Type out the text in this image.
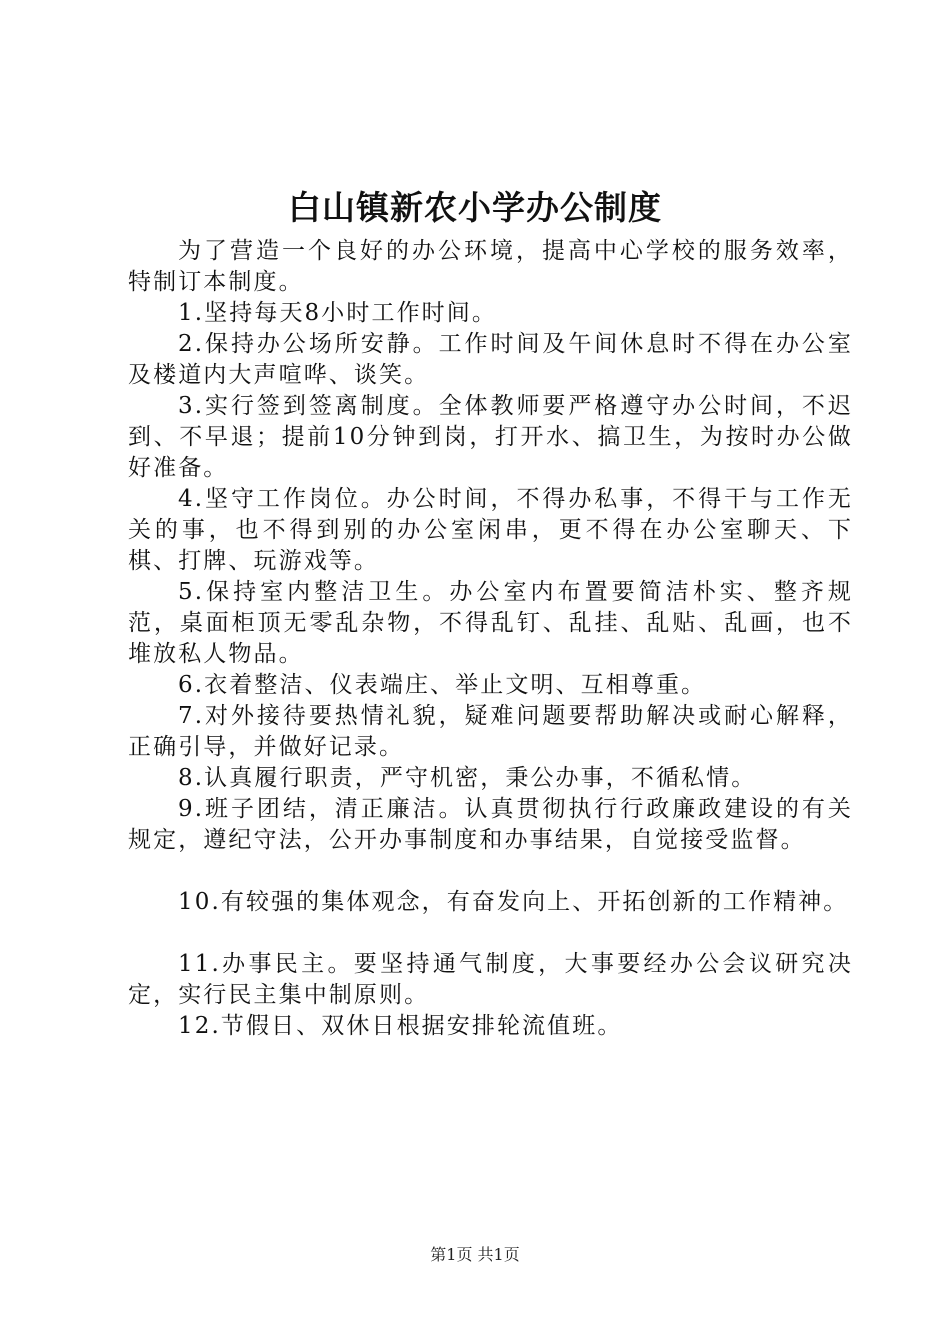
白山镇新农小学办公制度

为了营造一个良好的办公环境，提高中心学校的服务效率，特制订本制度。

1.坚持每天8小时工作时间。

2.保持办公场所安静。工作时间及午间休息时不得在办公室及楼道内大声喧哗、谈笑。

3.实行签到签离制度。全体教师要严格遵守办公时间，不迟到、不早退；提前10分钟到岗，打开水、搞卫生，为按时办公做好准备。

4.坚守工作岗位。办公时间，不得办私事，不得干与工作无关的事，也不得到别的办公室闲串，更不得在办公室聊天、下棋、打牌、玩游戏等。

5.保持室内整洁卫生。办公室内布置要简洁朴实、整齐规范，桌面柜顶无零乱杂物，不得乱钉、乱挂、乱贴、乱画，也不堆放私人物品。

6.衣着整洁、仪表端庄、举止文明、互相尊重。

7.对外接待要热情礼貌，疑难问题要帮助解决或耐心解释，正确引导，并做好记录。

8.认真履行职责，严守机密，秉公办事，不循私情。

9.班子团结，清正廉洁。认真贯彻执行行政廉政建设的有关规定，遵纪守法，公开办事制度和办事结果，自觉接受监督。

10.有较强的集体观念，有奋发向上、开拓创新的工作精神。

11.办事民主。要坚持通气制度，大事要经办公会议研究决定，实行民主集中制原则。

12.节假日、双休日根据安排轮流值班。

第1页 共1页
